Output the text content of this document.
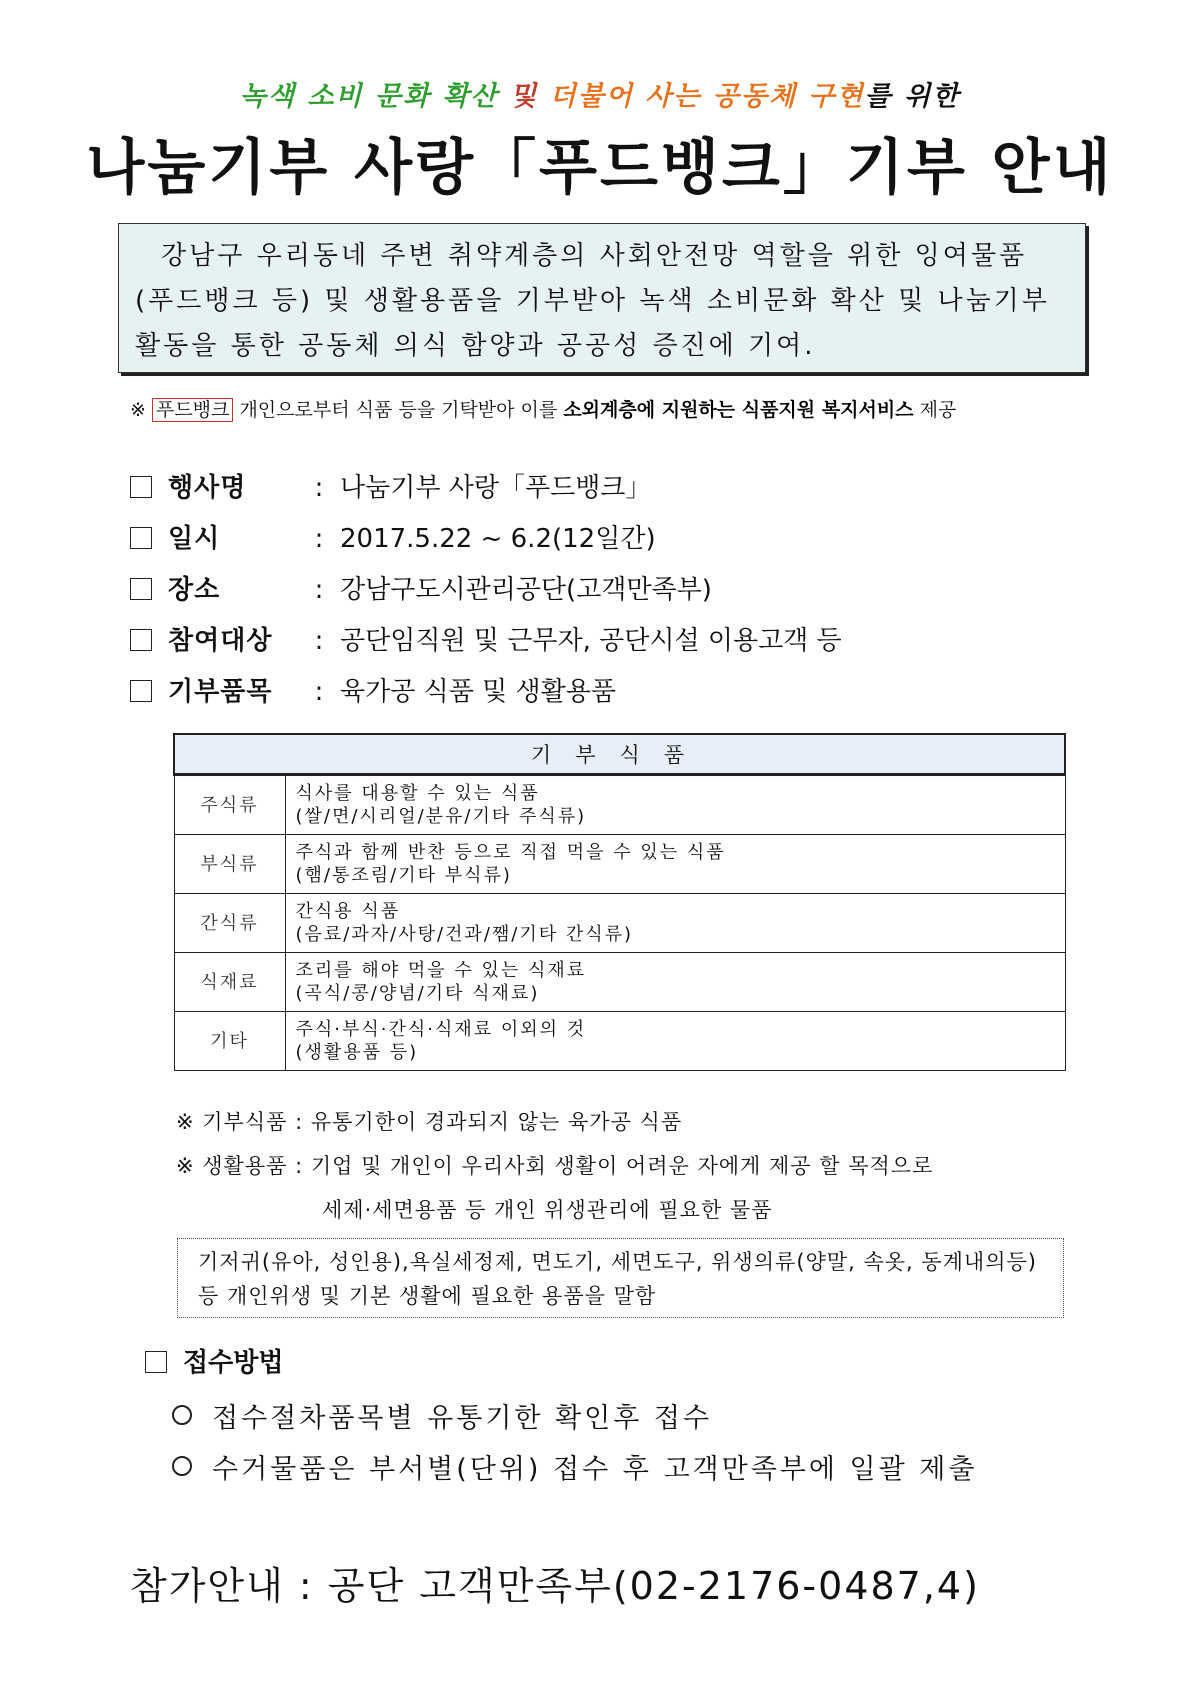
녹색 소비 문화 확산 및 더불어 사는 공동체 구현를 위한
나눔기부 사랑「푸드뱅크」기부 안내
강남구 우리동네 주변 취약계층의 사회안전망 역할을 위한 잉여물품(푸드뱅크 등) 및 생활용품을 기부받아 녹색 소비문화 확산 및 나눔기부 활동을 통한 공동체 의식 함양과 공공성 증진에 기여.
※ 푸드뱅크 개인으로부터 식품 등을 기탁받아 이를 소외계층에 지원하는 식품지원 복지서비스 제공
행사명	: 나눔기부 사랑「푸드뱅크」
일시	: 2017.5.22 ~ 6.2(12일간)
장소	: 강남구도시관리공단(고객만족부)
참여대상 : 공단임직원 및 근무자, 공단시설 이용고객 등
기부품목 : 육가공 식품 및 생활용품
기부식품	
주식류	식사를 대용할 수 있는 식품
(쌀/면/시리얼/분유/기타 주식류)

부식류	주식과 함께 반찬 등으로 직접 먹을 수 있는 식품
(햄/통조림/기타 부식류)

간식류	간식용 식품
(음료/과자/사탕/건과/쨈/기타 간식류)

식재료	조리를 해야 먹을 수 있는 식재료
(곡식/콩/양념/기타 식재료)

기타	주식·부식·간식·식재료 이외의 것
(생활용품 등)
※ 기부식품 : 유통기한이 경과되지 않는 육가공 식품
※ 생활용품 : 기업 및 개인이 우리사회 생활이 어려운 자에게 제공 할 목적으로
세제·세면용품 등 개인 위생관리에 필요한 물품
기저귀(유아, 성인용),욕실세정제, 면도기, 세면도구, 위생의류(양말, 속옷, 동계내의등) 등 개인위생 및 기본 생활에 필요한 용품을 말함
접수방법
접수절차품목별 유통기한 확인후 접수
수거물품은 부서별(단위) 접수 후 고객만족부에 일괄 제출
참가안내 : 공단 고객만족부(02-2176-0487,4)
